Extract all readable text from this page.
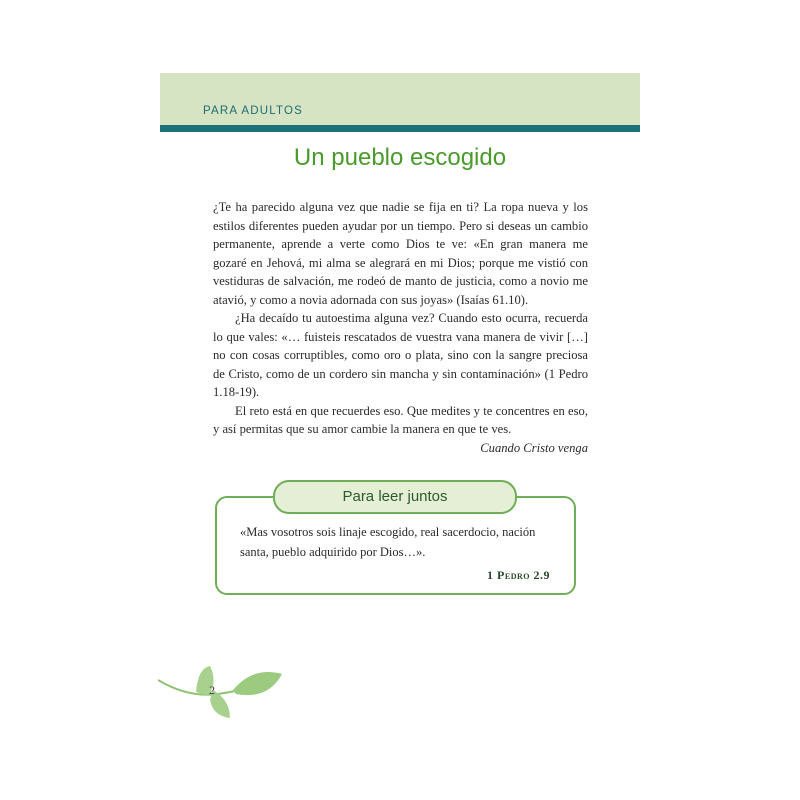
PARA ADULTOS
Un pueblo escogido

¿Te ha parecido alguna vez que nadie se fija en ti? La ropa nueva y los estilos diferentes pueden ayudar por un tiempo. Pero si deseas un cambio permanente, aprende a verte como Dios te ve: «En gran manera me gozaré en Jehová, mi alma se alegrará en mi Dios; porque me vistió con vestiduras de salvación, me rodeó de manto de justicia, como a novio me atavió, y como a novia adornada con sus joyas» (Isaías 61.10).

¿Ha decaído tu autoestima alguna vez? Cuando esto ocurra, recuerda lo que vales: «… fuisteis rescatados de vuestra vana manera de vivir […] no con cosas corruptibles, como oro o plata, sino con la sangre preciosa de Cristo, como de un cordero sin mancha y sin contaminación» (1 Pedro 1.18-19).

El reto está en que recuerdes eso. Que medites y te concentres en eso, y así permitas que su amor cambie la manera en que te ves.

Cuando Cristo venga

Para leer juntos
«Mas vosotros sois linaje escogido, real sacerdocio, nación santa, pueblo adquirido por Dios…».
1 Pedro 2.9
2
